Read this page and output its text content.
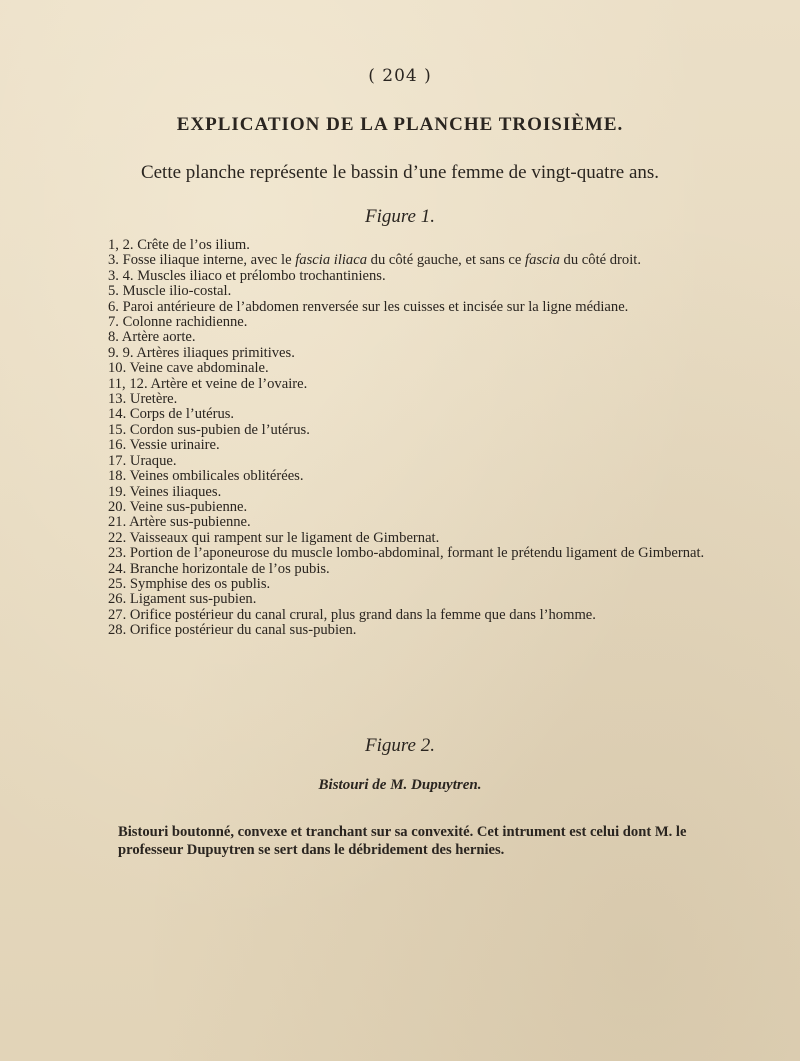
( 204 )
EXPLICATION DE LA PLANCHE TROISIÈME.
Cette planche représente le bassin d’une femme de vingt-quatre ans.
Figure 1.
1, 2. Crête de l’os ilium.
3. Fosse iliaque interne, avec le fascia iliaca du côté gauche, et sans ce fascia du côté droit.
3. 4. Muscles iliaco et prélombo trochantiniens.
5. Muscle ilio-costal.
6. Paroi antérieure de l’abdomen renversée sur les cuisses et incisée sur la ligne médiane.
7. Colonne rachidienne.
8. Artère aorte.
9. 9. Artères iliaques primitives.
10. Veine cave abdominale.
11, 12. Artère et veine de l’ovaire.
13. Uretère.
14. Corps de l’utérus.
15. Cordon sus-pubien de l’utérus.
16. Vessie urinaire.
17. Uraque.
18. Veines ombilicales oblitérées.
19. Veines iliaques.
20. Veine sus-pubienne.
21. Artère sus-pubienne.
22. Vaisseaux qui rampent sur le ligament de Gimbernat.
23. Portion de l’aponeurose du muscle lombo-abdominal, formant le prétendu ligament de Gimbernat.
24. Branche horizontale de l’os pubis.
25. Symphise des os publis.
26. Ligament sus-pubien.
27. Orifice postérieur du canal crural, plus grand dans la femme que dans l’homme.
28. Orifice postérieur du canal sus-pubien.
Figure 2.
Bistouri de M. Dupuytren.

Bistouri boutonné, convexe et tranchant sur sa convexité. Cet intrument est celui dont M. le professeur Dupuytren se sert dans le débridement des hernies.
